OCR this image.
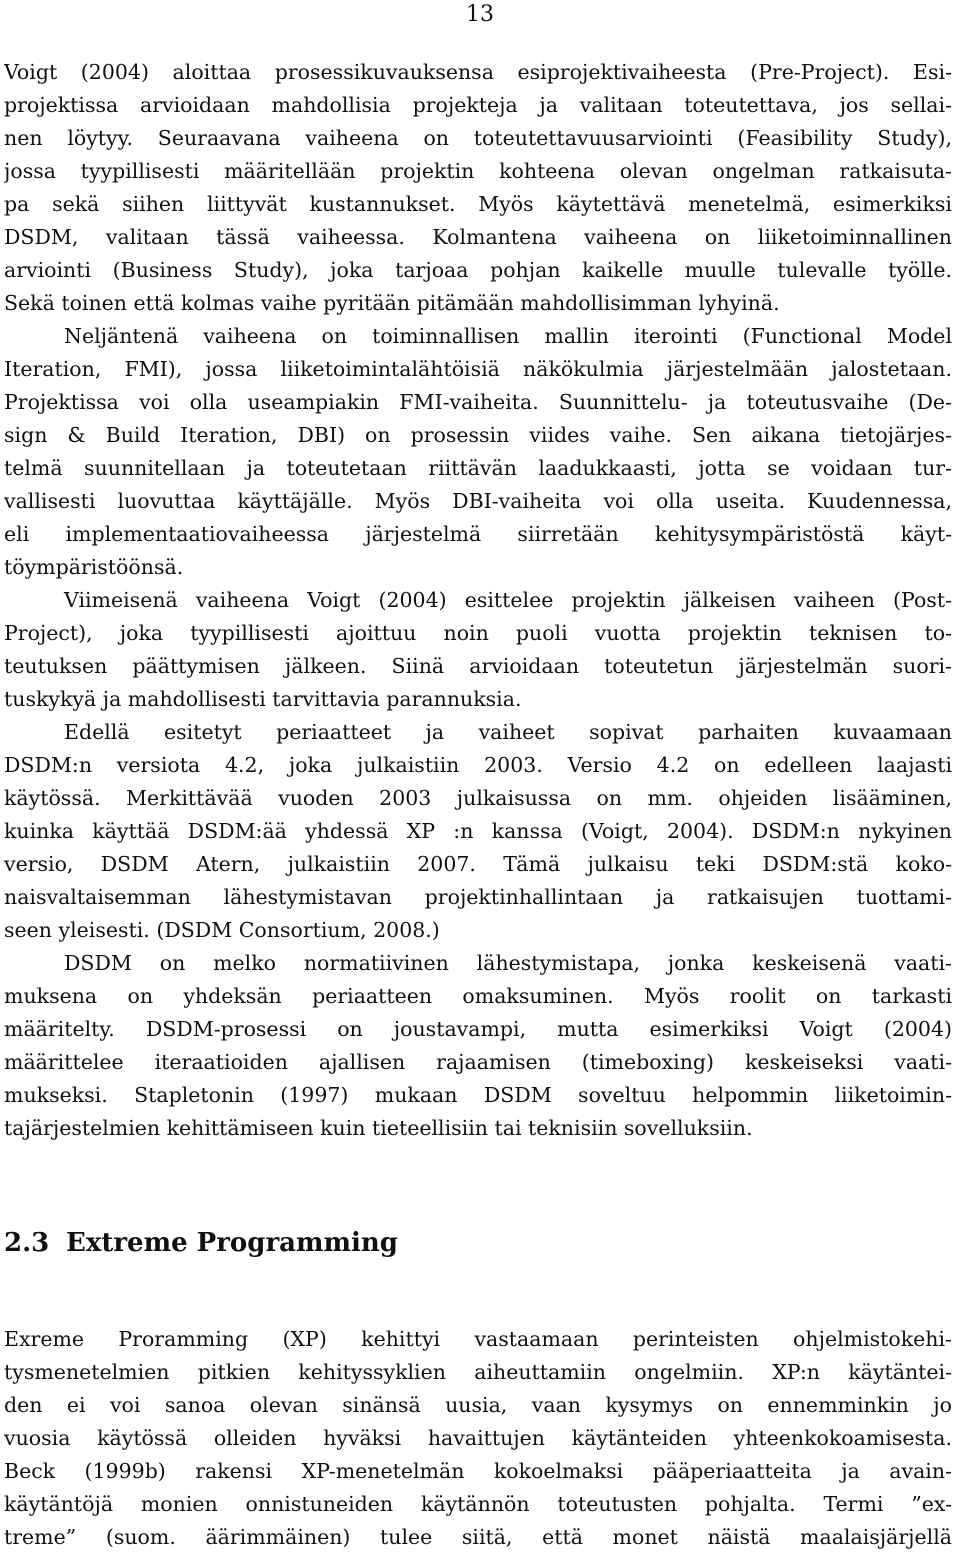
13
Voigt (2004) aloittaa prosessikuvauksensa esiprojektivaiheesta (Pre-Project). Esi-
projektissa arvioidaan mahdollisia projekteja ja valitaan toteutettava, jos sellai-
nen löytyy. Seuraavana vaiheena on toteutettavuusarviointi (Feasibility Study),
jossa tyypillisesti määritellään projektin kohteena olevan ongelman ratkaisuta-
pa sekä siihen liittyvät kustannukset. Myös käytettävä menetelmä, esimerkiksi
DSDM, valitaan tässä vaiheessa. Kolmantena vaiheena on liiketoiminnallinen
arviointi (Business Study), joka tarjoaa pohjan kaikelle muulle tulevalle työlle.
Sekä toinen että kolmas vaihe pyritään pitämään mahdollisimman lyhyinä.
Neljäntenä vaiheena on toiminnallisen mallin iterointi (Functional Model
Iteration, FMI), jossa liiketoimintalähtöisiä näkökulmia järjestelmään jalostetaan.
Projektissa voi olla useampiakin FMI-vaiheita. Suunnittelu- ja toteutusvaihe (De-
sign & Build Iteration, DBI) on prosessin viides vaihe. Sen aikana tietojärjes-
telmä suunnitellaan ja toteutetaan riittävän laadukkaasti, jotta se voidaan tur-
vallisesti luovuttaa käyttäjälle. Myös DBI-vaiheita voi olla useita. Kuudennessa,
eli implementaatiovaiheessa järjestelmä siirretään kehitysympäristöstä käyt-
töympäristöönsä.
Viimeisenä vaiheena Voigt (2004) esittelee projektin jälkeisen vaiheen (Post-
Project), joka tyypillisesti ajoittuu noin puoli vuotta projektin teknisen to-
teutuksen päättymisen jälkeen. Siinä arvioidaan toteutetun järjestelmän suori-
tuskykyä ja mahdollisesti tarvittavia parannuksia.
Edellä esitetyt periaatteet ja vaiheet sopivat parhaiten kuvaamaan
DSDM:n versiota 4.2, joka julkaistiin 2003. Versio 4.2 on edelleen laajasti
käytössä. Merkittävää vuoden 2003 julkaisussa on mm. ohjeiden lisääminen,
kuinka käyttää DSDM:ää yhdessä XP :n kanssa (Voigt, 2004). DSDM:n nykyinen
versio, DSDM Atern, julkaistiin 2007. Tämä julkaisu teki DSDM:stä koko-
naisvaltaisemman lähestymistavan projektinhallintaan ja ratkaisujen tuottami-
seen yleisesti. (DSDM Consortium, 2008.)
DSDM on melko normatiivinen lähestymistapa, jonka keskeisenä vaati-
muksena on yhdeksän periaatteen omaksuminen. Myös roolit on tarkasti
määritelty. DSDM-prosessi on joustavampi, mutta esimerkiksi Voigt (2004)
määrittelee iteraatioiden ajallisen rajaamisen (timeboxing) keskeiseksi vaati-
mukseksi. Stapletonin (1997) mukaan DSDM soveltuu helpommin liiketoimin-
tajärjestelmien kehittämiseen kuin tieteellisiin tai teknisiin sovelluksiin.
2.3 Extreme Programming
Exreme Proramming (XP) kehittyi vastaamaan perinteisten ohjelmistokehi-
tysmenetelmien pitkien kehityssyklien aiheuttamiin ongelmiin. XP:n käytäntei-
den ei voi sanoa olevan sinänsä uusia, vaan kysymys on ennemminkin jo
vuosia käytössä olleiden hyväksi havaittujen käytänteiden yhteenkokoamisesta.
Beck (1999b) rakensi XP-menetelmän kokoelmaksi pääperiaatteita ja avain-
käytäntöjä monien onnistuneiden käytännön toteutusten pohjalta. Termi ”ex-
treme” (suom. äärimmäinen) tulee siitä, että monet näistä maalaisjärjellä
